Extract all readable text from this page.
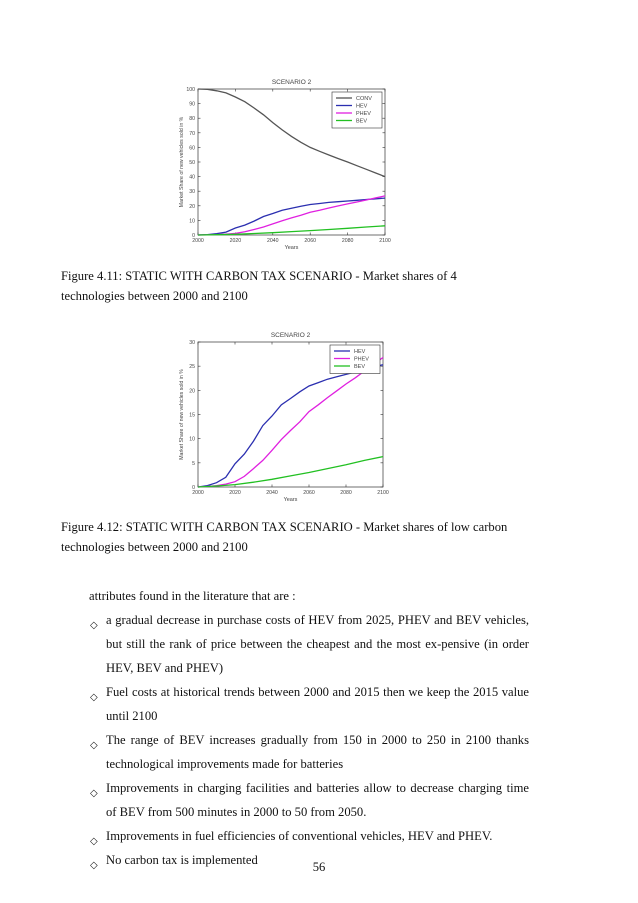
SCENARIO 2
0
10
20
30
40
50
60
70
80
90
100
2000	2020	2040	2060	2080	2100
Years
Market Share of new vehicles sold in %
CONV
HEV
PHEV
BEV
Figure 4.11: STATIC WITH CARBON TAX SCENARIO - Market shares of 4 technologies between 2000 and 2100
SCENARIO 2
0
5
10
15
20
25
30
2000	2020	2040	2060	2080	2100
Years
Market Share of new vehicles sold in %
HEV
PHEV
BEV
Figure 4.12: STATIC WITH CARBON TAX SCENARIO - Market shares of low carbon technologies between 2000 and 2100
attributes found in the literature that are :
◇ a gradual decrease in purchase costs of HEV from 2025, PHEV and BEV vehicles, but still the rank of price between the cheapest and the most ex-pensive (in order HEV, BEV and PHEV)
◇ Fuel costs at historical trends between 2000 and 2015 then we keep the 2015 value until 2100
◇ The range of BEV increases gradually from 150 in 2000 to 250 in 2100 thanks technological improvements made for batteries
◇ Improvements in charging facilities and batteries allow to decrease charging time of BEV from 500 minutes in 2000 to 50 from 2050.
◇ Improvements in fuel efficiencies of conventional vehicles, HEV and PHEV.
◇ No carbon tax is implemented	56
